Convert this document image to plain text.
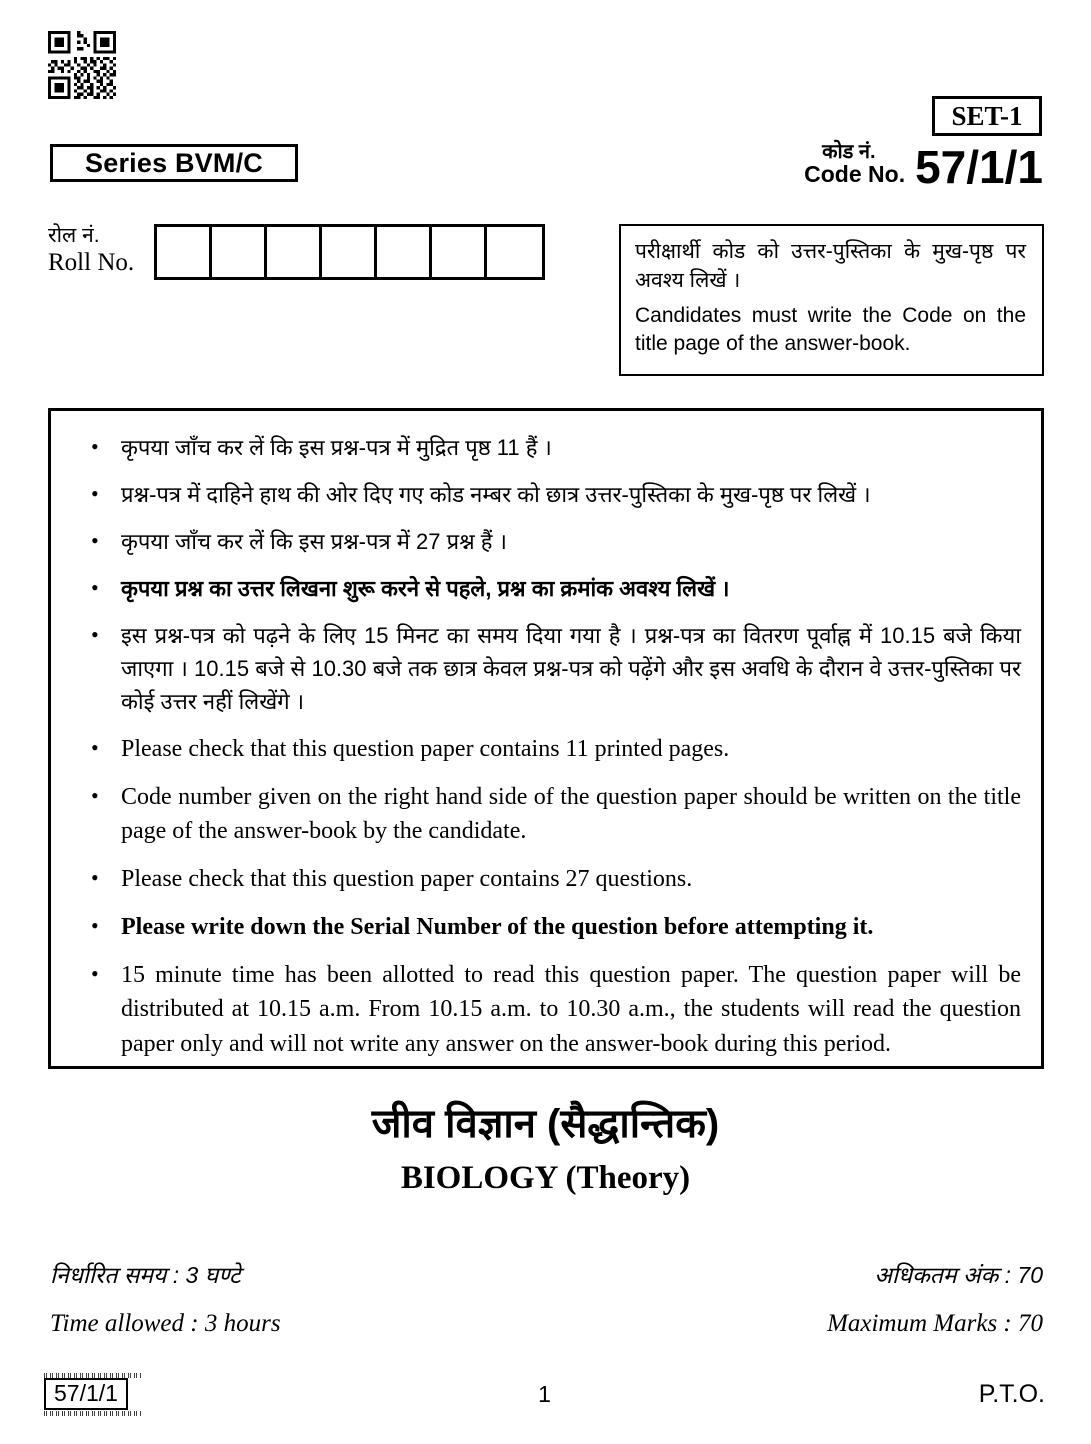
Series BVM/C
SET-1
कोड नं.
Code No. 57/1/1
रोल नं.
Roll No.	परीक्षार्थी कोड को उत्तर-पुस्तिका के मुख-पृष्ठ पर अवश्य लिखें ।

Candidates must write the Code on the title page of the answer-book.

• कृपया जाँच कर लें कि इस प्रश्न-पत्र में मुद्रित पृष्ठ 11 हैं ।
• प्रश्न-पत्र में दाहिने हाथ की ओर दिए गए कोड नम्बर को छात्र उत्तर-पुस्तिका के मुख-पृष्ठ पर लिखें ।
• कृपया जाँच कर लें कि इस प्रश्न-पत्र में 27 प्रश्न हैं ।
• कृपया प्रश्न का उत्तर लिखना शुरू करने से पहले, प्रश्न का क्रमांक अवश्य लिखें ।
• इस प्रश्न-पत्र को पढ़ने के लिए 15 मिनट का समय दिया गया है । प्रश्न-पत्र का वितरण पूर्वाह्न में 10.15 बजे किया जाएगा । 10.15 बजे से 10.30 बजे तक छात्र केवल प्रश्न-पत्र को पढ़ेंगे और इस अवधि के दौरान वे उत्तर-पुस्तिका पर कोई उत्तर नहीं लिखेंगे ।
• Please check that this question paper contains 11 printed pages.
• Code number given on the right hand side of the question paper should be written on the title page of the answer-book by the candidate.
• Please check that this question paper contains 27 questions.
• Please write down the Serial Number of the question before attempting it.
• 15 minute time has been allotted to read this question paper. The question paper will be distributed at 10.15 a.m. From 10.15 a.m. to 10.30 a.m., the students will read the question paper only and will not write any answer on the answer-book during this period.
जीव विज्ञान (सैद्धान्तिक)
BIOLOGY (Theory)
निर्धारित समय : 3 घण्टे	अधिकतम अंक : 70
Time allowed : 3 hours	Maximum Marks : 70
57/1/1	1	P.T.O.
